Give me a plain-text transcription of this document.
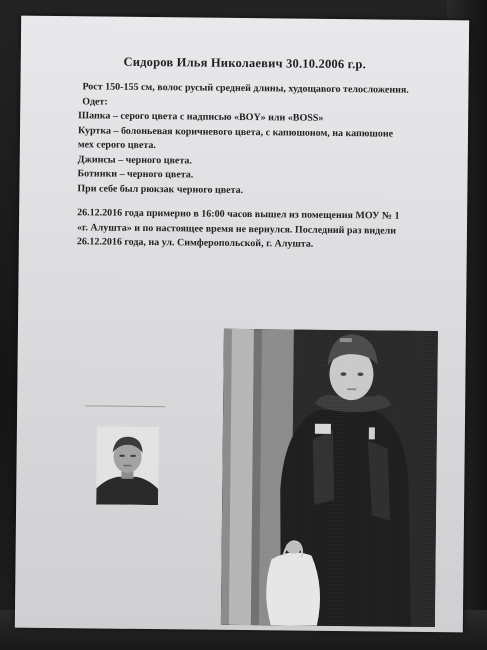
Сидоров Илья Николаевич 30.10.2006 г.р.

Рост 150-155 см, волос русый средней длины, худощавого телосложения.

Одет:

Шапка – серого цвета с надписью «BOY» или «BOSS»

Куртка – болоньевая коричневого цвета, с капюшоном, на капюшоне

мех серого цвета.

Джинсы – черного цвета.

Ботинки – черного цвета.

При себе был рюкзак черного цвета.

26.12.2016 года примерно в 16:00 часов вышел из помещения МОУ № 1

«г. Алушта» и по настоящее время не вернулся. Последний раз видели

26.12.2016 года, на ул. Симферопольской, г. Алушта.
